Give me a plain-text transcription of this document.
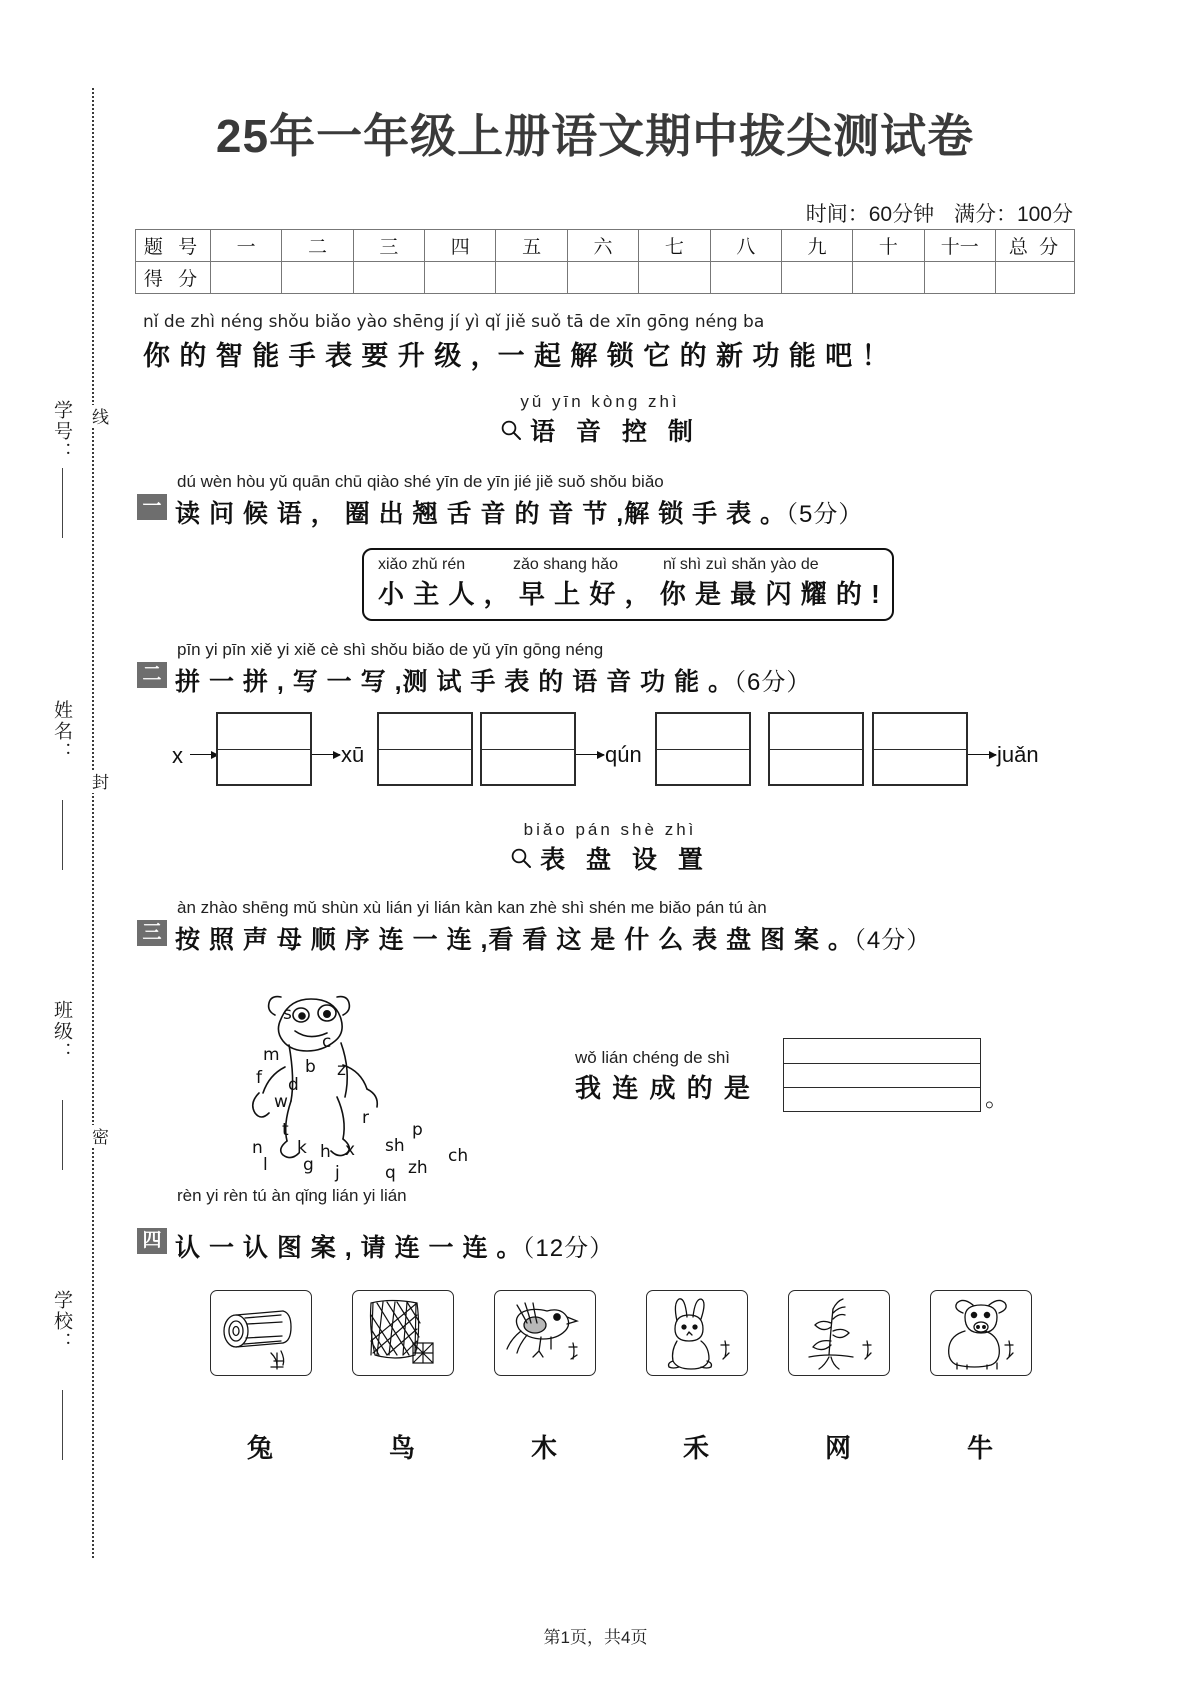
学号：
姓名：
班级：
学校：
线
封
密
25年一年级上册语文期中拔尖测试卷
时间：60分钟 满分：100分
题 号	一	二	三	四	五	六	七	八	九	十	十一	总 分
得 分												
nǐ de zhì néng shǒu biǎo yào shēng jí yì qǐ jiě suǒ tā de xīn gōng néng ba
你 的 智 能 手 表 要 升 级 ，一 起 解 锁 它 的 新 功 能 吧 ！
yǔ yīn kòng zhì
语 音 控 制
一
dú wèn hòu yǔ quān chū qiào shé yīn de yīn jié jiě suǒ shǒu biǎo
读 问 候 语 ， 圈 出 翘 舌 音 的 音 节 ,解 锁 手 表 。（5分）
xiǎo zhǔ rén	zǎo shang hǎo	nǐ shì zuì shǎn yào de
小 主 人 ， 早 上 好 ， 你 是 最 闪 耀 的 !
二
pīn yi pīn xiě yi xiě cè shì shǒu biǎo de yǔ yīn gōng néng
拼 一 拼 , 写 一 写 ,测 试 手 表 的 语 音 功 能 。（6分）
x	xū	qún	juǎn
biǎo pán shè zhì
表 盘 设 置
三
àn zhào shēng mǔ shùn xù lián yi lián kàn kan zhè shì shén me biǎo pán tú àn
按 照 声 母 顺 序 连 一 连 ,看 看 这 是 什 么 表 盘 图 案 。（4分）
s
c
z
b
m
f d
n
t
k h x sh	ch
l g j	q zh
r
p
w
wǒ lián chéng de shì
我 连 成 的 是	。
四
rèn yi rèn tú àn qǐng lián yi lián
认 一 认 图 案 , 请 连 一 连 。（12分）
兔	鸟	木	禾	网	牛
第1页，共4页
